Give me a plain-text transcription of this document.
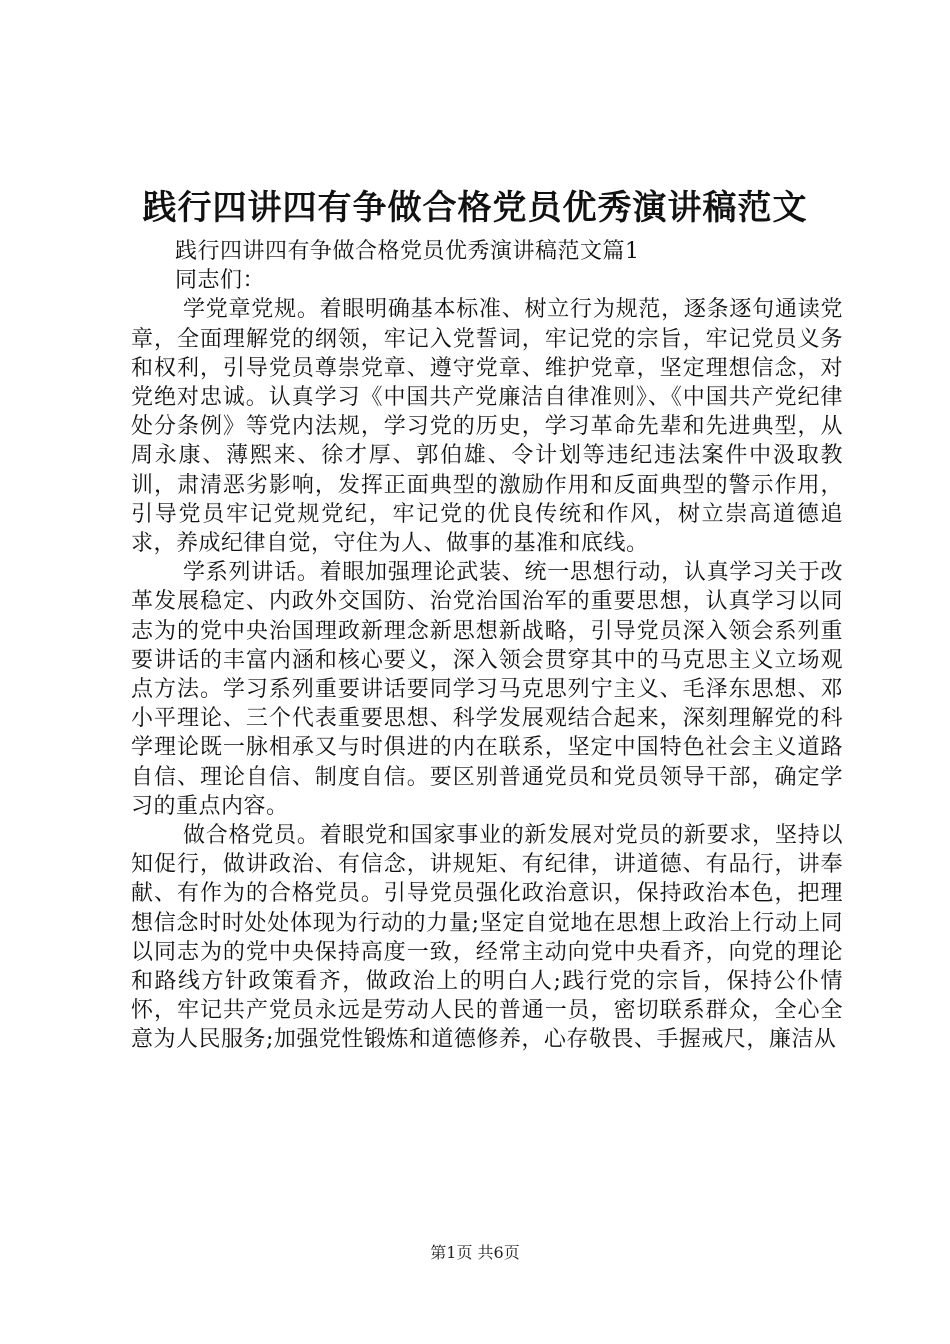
践行四讲四有争做合格党员优秀演讲稿范文

践行四讲四有争做合格党员优秀演讲稿范文篇1

同志们：

学党章党规。着眼明确基本标准、树立行为规范，逐条逐句通读党章，全面理解党的纲领，牢记入党誓词，牢记党的宗旨，牢记党员义务和权利，引导党员尊崇党章、遵守党章、维护党章，坚定理想信念，对党绝对忠诚。认真学习《中国共产党廉洁自律准则》、《中国共产党纪律处分条例》等党内法规，学习党的历史，学习革命先辈和先进典型，从周永康、薄熙来、徐才厚、郭伯雄、令计划等违纪违法案件中汲取教训，肃清恶劣影响，发挥正面典型的激励作用和反面典型的警示作用，引导党员牢记党规党纪，牢记党的优良传统和作风，树立崇高道德追求，养成纪律自觉，守住为人、做事的基准和底线。

学系列讲话。着眼加强理论武装、统一思想行动，认真学习关于改革发展稳定、内政外交国防、治党治国治军的重要思想，认真学习以同志为的党中央治国理政新理念新思想新战略，引导党员深入领会系列重要讲话的丰富内涵和核心要义，深入领会贯穿其中的马克思主义立场观点方法。学习系列重要讲话要同学习马克思列宁主义、毛泽东思想、邓小平理论、三个代表重要思想、科学发展观结合起来，深刻理解党的科学理论既一脉相承又与时俱进的内在联系，坚定中国特色社会主义道路自信、理论自信、制度自信。要区别普通党员和党员领导干部，确定学习的重点内容。

做合格党员。着眼党和国家事业的新发展对党员的新要求，坚持以知促行，做讲政治、有信念，讲规矩、有纪律，讲道德、有品行，讲奉献、有作为的合格党员。引导党员强化政治意识，保持政治本色，把理想信念时时处处体现为行动的力量;坚定自觉地在思想上政治上行动上同以同志为的党中央保持高度一致，经常主动向党中央看齐，向党的理论和路线方针政策看齐，做政治上的明白人;践行党的宗旨，保持公仆情怀，牢记共产党员永远是劳动人民的普通一员，密切联系群众，全心全意为人民服务;加强党性锻炼和道德修养，心存敬畏、手握戒尺，廉洁从

第1页 共6页
